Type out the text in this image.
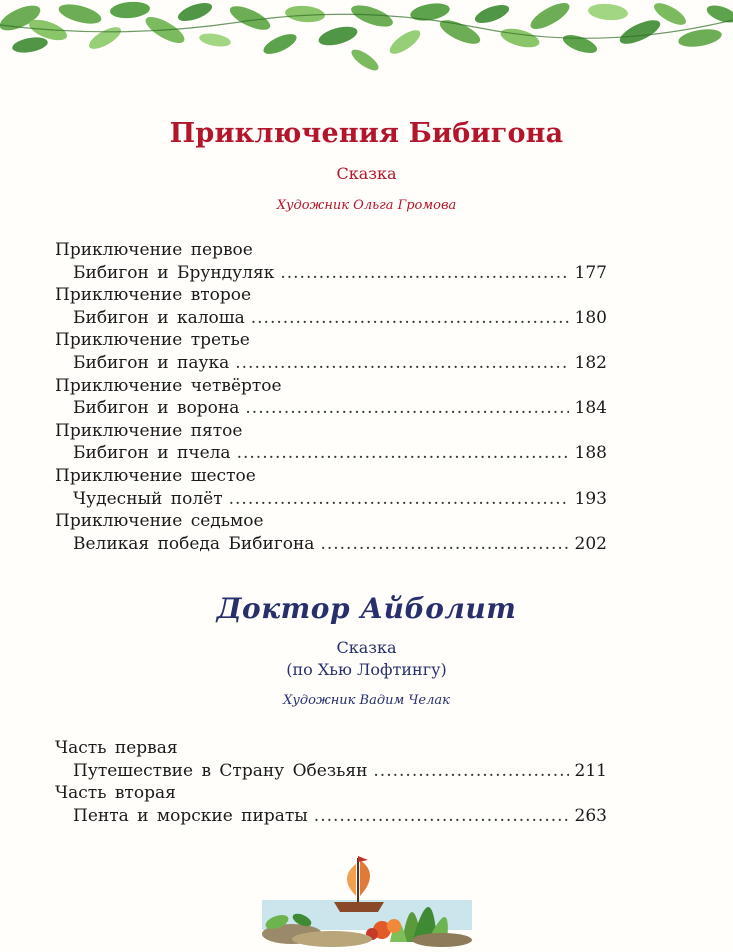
Приключения Бибигона
Сказка
Художник Ольга Громова
Приключение первое
Бибигон и Брундуляк .....	177
Приключение второе
Бибигон и калоша .....	180
Приключение третье
Бибигон и паука .....	182
Приключение четвёртое
Бибигон и ворона .....	184
Приключение пятое
Бибигон и пчела .....	188
Приключение шестое
Чудесный полёт .....	193
Приключение седьмое
Великая победа Бибигона .....	202
Доктор Айболит
Сказка
(по Хью Лофтингу)
Художник Вадим Челак
Часть первая
Путешествие в Страну Обезьян .....	211
Часть вторая
Пента и морские пираты .....	263
